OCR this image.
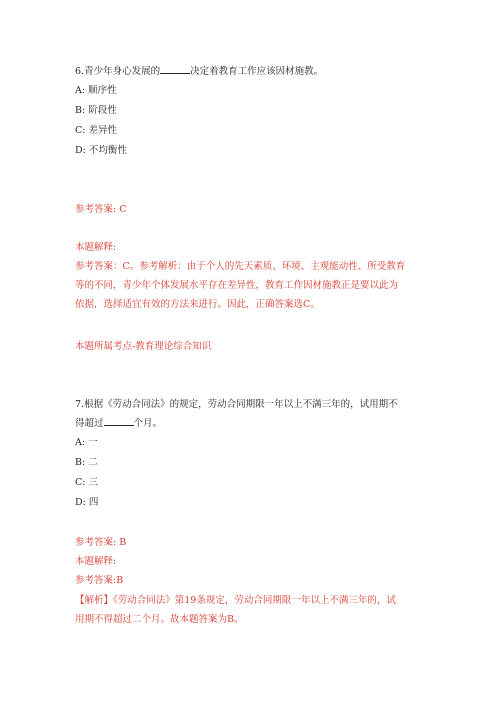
6.青少年身心发展的	决定着教育工作应该因材施教。
A: 顺序性
B: 阶段性
C: 差异性
D: 不均衡性
参考答案: C
本题解释:
参考答案：C。参考解析：由于个人的先天素质、环境、主观能动性、所受教育
等的不同，青少年个体发展水平存在差异性，教育工作因材施教正是要以此为
依据，选择适宜有效的方法来进行。因此，正确答案选C。
本题所属考点-教育理论综合知识
7.根据《劳动合同法》的规定，劳动合同期限一年以上不满三年的，试用期不
得超过	个月。
A: 一
B: 二
C: 三
D: 四
参考答案: B
本题解释:
参考答案:B
【解析】《劳动合同法》第19条规定，劳动合同期限一年以上不满三年的，试
用期不得超过二个月。故本题答案为B。
